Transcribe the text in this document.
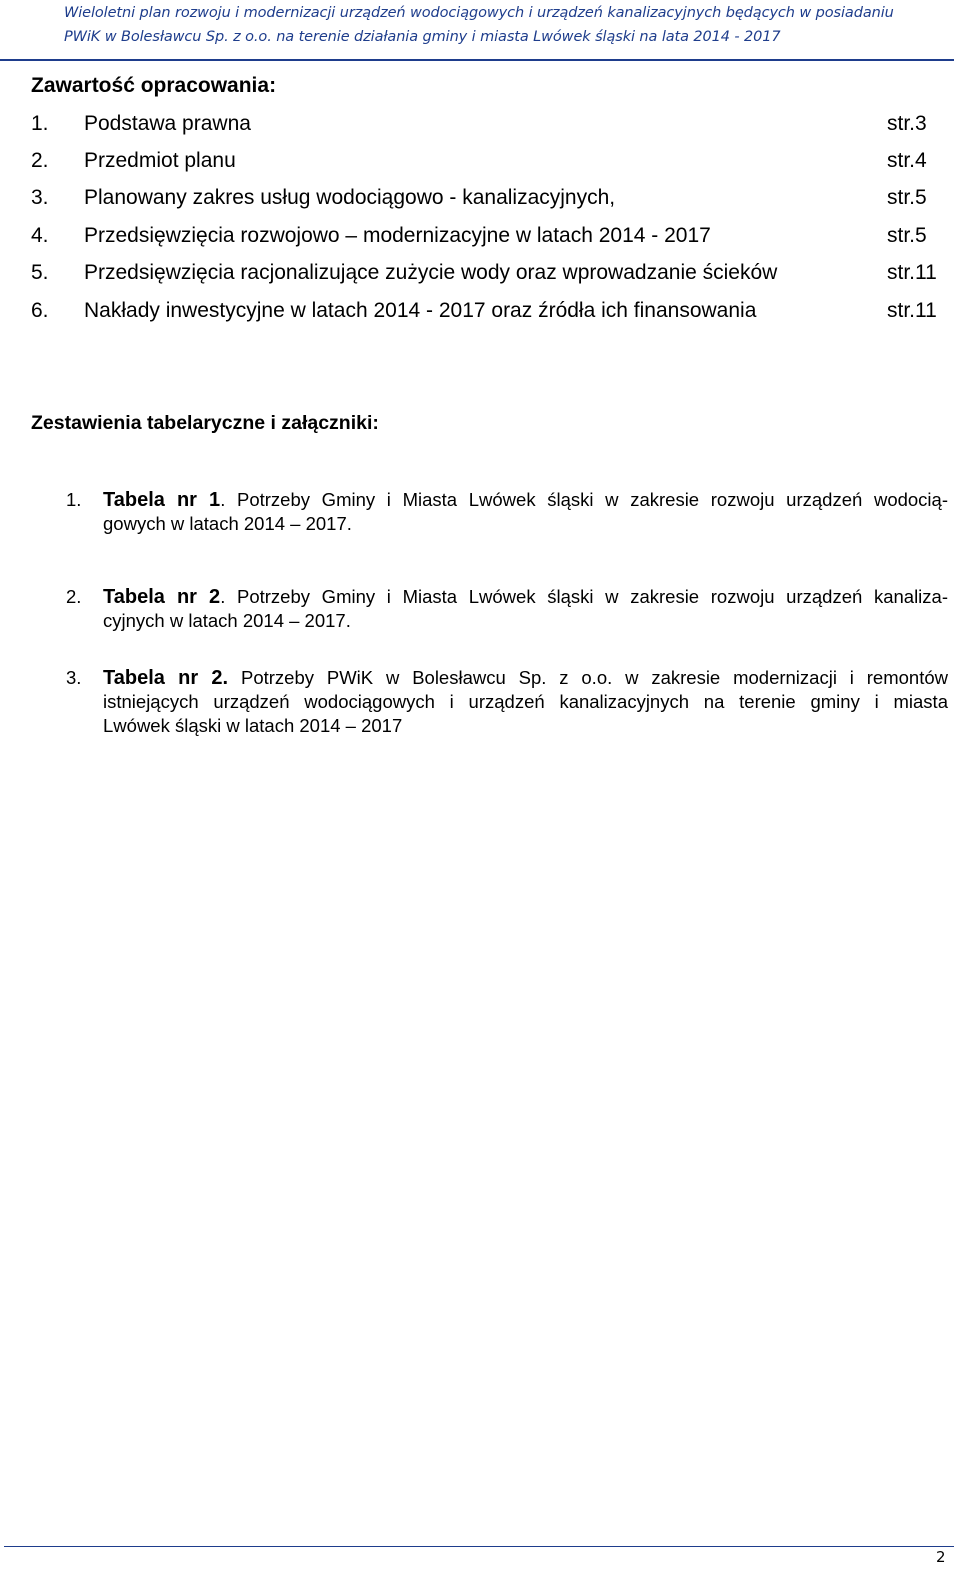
Wieloletni plan rozwoju i modernizacji urządzeń wodociągowych i urządzeń kanalizacyjnych będących w posiadaniu
PWiK w Bolesławcu Sp. z o.o. na terenie działania gminy i miasta Lwówek śląski na lata 2014 - 2017
Zawartość opracowania:
1. Podstawa prawna	str.3
2. Przedmiot planu	str.4
3. Planowany zakres usług wodociągowo - kanalizacyjnych,	str.5
4. Przedsięwzięcia rozwojowo – modernizacyjne w latach 2014 - 2017	str.5
5. Przedsięwzięcia racjonalizujące zużycie wody oraz wprowadzanie ścieków	str.11
6. Nakłady inwestycyjne w latach 2014 - 2017 oraz źródła ich finansowania	str.11
Zestawienia tabelaryczne i załączniki:
1. Tabela nr 1. Potrzeby Gminy i Miasta Lwówek śląski w zakresie rozwoju urządzeń wodocią-
gowych w latach 2014 – 2017.
2. Tabela nr 2. Potrzeby Gminy i Miasta Lwówek śląski w zakresie rozwoju urządzeń kanaliza-
cyjnych w latach 2014 – 2017.
3. Tabela nr 2. Potrzeby PWiK w Bolesławcu Sp. z o.o. w zakresie modernizacji i remontów
istniejących urządzeń wodociągowych i urządzeń kanalizacyjnych na terenie gminy i miasta
Lwówek śląski w latach 2014 – 2017
2
